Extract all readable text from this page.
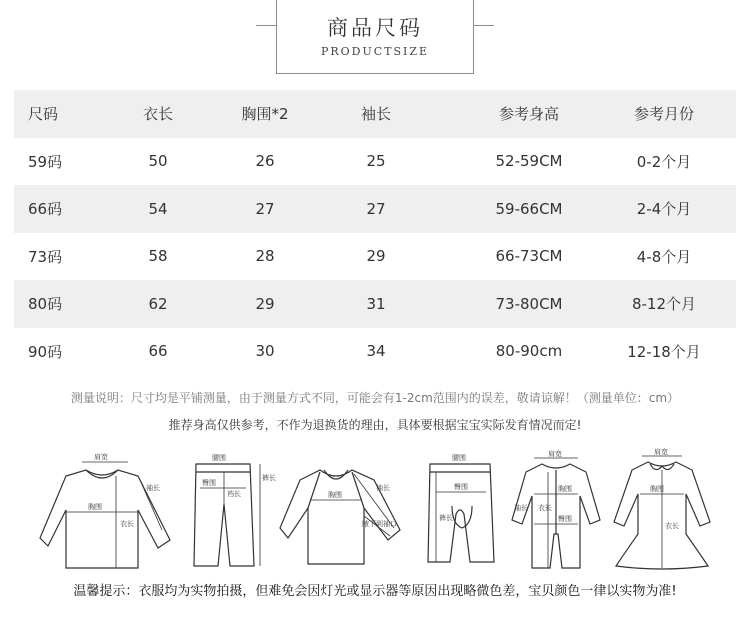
商品尺码
PRODUCTSIZE
尺码	衣长	胸围*2	袖长	参考身高	参考月份
59码	50	26	25	52-59CM	0-2个月
66码	54	27	27	59-66CM	2-4个月
73码	58	28	29	66-73CM	4-8个月
80码	62	29	31	73-80CM	8-12个月
90码	66	30	34	80-90cm	12-18个月
测量说明：尺寸均是平铺测量，由于测量方式不同，可能会有1-2cm范围内的误差，敬请谅解！（测量单位：cm）
推荐身高仅供参考，不作为退换货的理由，具体要根据宝宝实际发育情况而定!
肩宽
胸围
衣长
袖长
腰围
臀围
裆长
裤长
胸围
袖长
腋下到袖口
腰围
臀围
裤长
肩宽
胸围
衣长
袖长
臀围
肩宽
胸围
衣长
温馨提示：衣服均为实物拍摄，但难免会因灯光或显示器等原因出现略微色差，宝贝颜色一律以实物为准!
